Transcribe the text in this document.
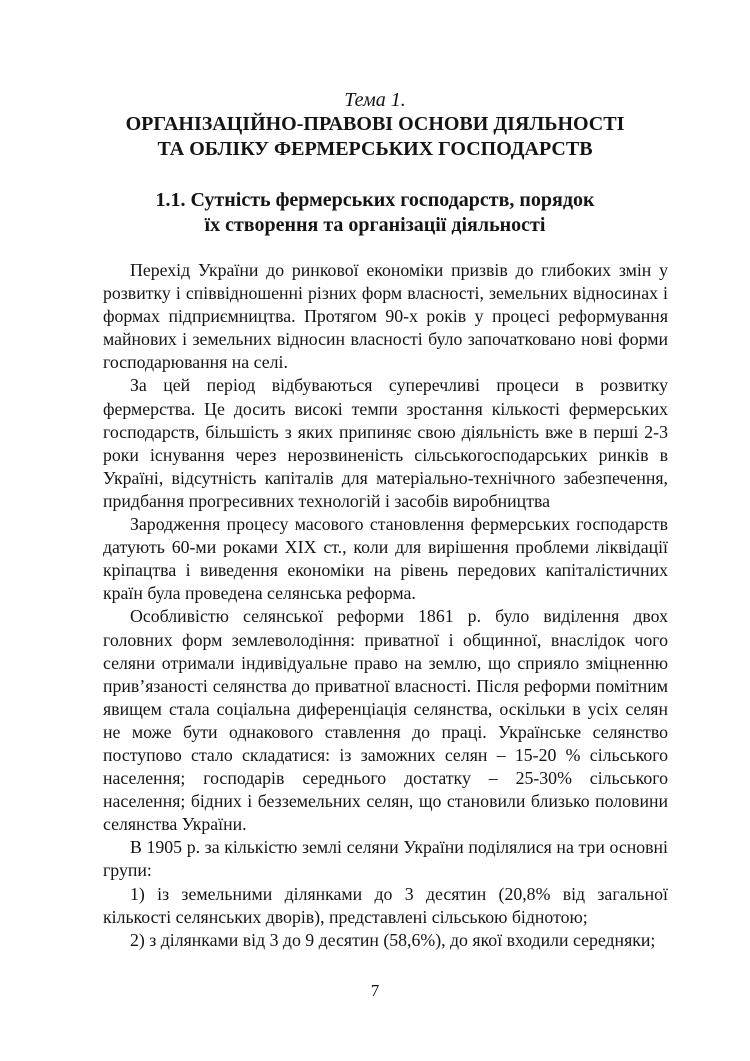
Тема 1.
ОРГАНІЗАЦІЙНО-ПРАВОВІ ОСНОВИ ДІЯЛЬНОСТІ
ТА ОБЛІКУ ФЕРМЕРСЬКИХ ГОСПОДАРСТВ
1.1. Сутність фермерських господарств, порядок
їх створення та організації діяльності

Перехід України до ринкової економіки призвів до глибоких змін у розвитку і співвідношенні різних форм власності, земельних відносинах і формах підприємництва. Протягом 90-х років у процесі реформування майнових і земельних відносин власності було започатковано нові форми господарювання на селі.

За цей період відбуваються суперечливі процеси в розвитку фермерства. Це досить високі темпи зростання кількості фермерських господарств, більшість з яких припиняє свою діяльність вже в перші 2-3 роки існування через нерозвиненість сільськогосподарських ринків в Україні, відсутність капіталів для матеріально-технічного забезпечення, придбання прогресивних технологій і засобів виробництва

Зародження процесу масового становлення фермерських господарств датують 60-ми роками XIX ст., коли для вирішення проблеми ліквідації кріпацтва і виведення економіки на рівень передових капіталістичних країн була проведена селянська реформа.

Особливістю селянської реформи 1861 р. було виділення двох головних форм землеволодіння: приватної і общинної, внаслідок чого селяни отримали індивідуальне право на землю, що сприяло зміцненню прив’язаності селянства до приватної власності. Після реформи помітним явищем стала соціальна диференціація селянства, оскільки в усіх селян не може бути однакового ставлення до праці. Українське селянство поступово стало складатися: із заможних селян – 15-20 % сільського населення; господарів середнього достатку – 25-30% сільського населення; бідних і безземельних селян, що становили близько половини селянства України.

В 1905 р. за кількістю землі селяни України поділялися на три основні групи:

1) із земельними ділянками до 3 десятин (20,8% від загальної кількості селянських дворів), представлені сільською біднотою;

2) з ділянками від 3 до 9 десятин (58,6%), до якої входили середняки;

7
